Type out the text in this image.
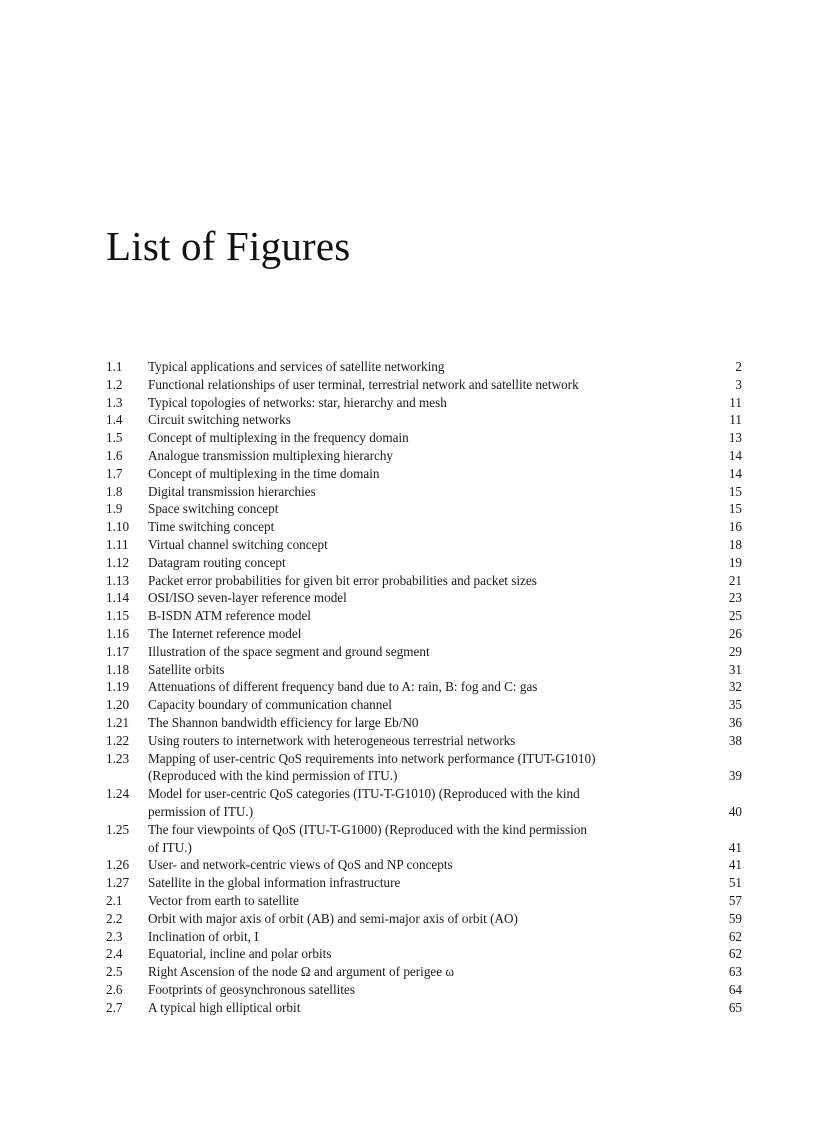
List of Figures
1.1	Typical applications and services of satellite networking	2
1.2	Functional relationships of user terminal, terrestrial network and satellite network	3
1.3	Typical topologies of networks: star, hierarchy and mesh	11
1.4	Circuit switching networks	11
1.5	Concept of multiplexing in the frequency domain	13
1.6	Analogue transmission multiplexing hierarchy	14
1.7	Concept of multiplexing in the time domain	14
1.8	Digital transmission hierarchies	15
1.9	Space switching concept	15
1.10	Time switching concept	16
1.11	Virtual channel switching concept	18
1.12	Datagram routing concept	19
1.13	Packet error probabilities for given bit error probabilities and packet sizes	21
1.14	OSI/ISO seven-layer reference model	23
1.15	B-ISDN ATM reference model	25
1.16	The Internet reference model	26
1.17	Illustration of the space segment and ground segment	29
1.18	Satellite orbits	31
1.19	Attenuations of different frequency band due to A: rain, B: fog and C: gas	32
1.20	Capacity boundary of communication channel	35
1.21	The Shannon bandwidth efficiency for large Eb/N0	36
1.22	Using routers to internetwork with heterogeneous terrestrial networks	38
1.23	Mapping of user-centric QoS requirements into network performance (ITUT-G1010)
(Reproduced with the kind permission of ITU.)	39
1.24	Model for user-centric QoS categories (ITU-T-G1010) (Reproduced with the kind
permission of ITU.)	40
1.25	The four viewpoints of QoS (ITU-T-G1000) (Reproduced with the kind permission
of ITU.)	41
1.26	User- and network-centric views of QoS and NP concepts	41
1.27	Satellite in the global information infrastructure	51
2.1	Vector from earth to satellite	57
2.2	Orbit with major axis of orbit (AB) and semi-major axis of orbit (AO)	59
2.3	Inclination of orbit, I	62
2.4	Equatorial, incline and polar orbits	62
2.5	Right Ascension of the node Ω and argument of perigee ω	63
2.6	Footprints of geosynchronous satellites	64
2.7	A typical high elliptical orbit	65
